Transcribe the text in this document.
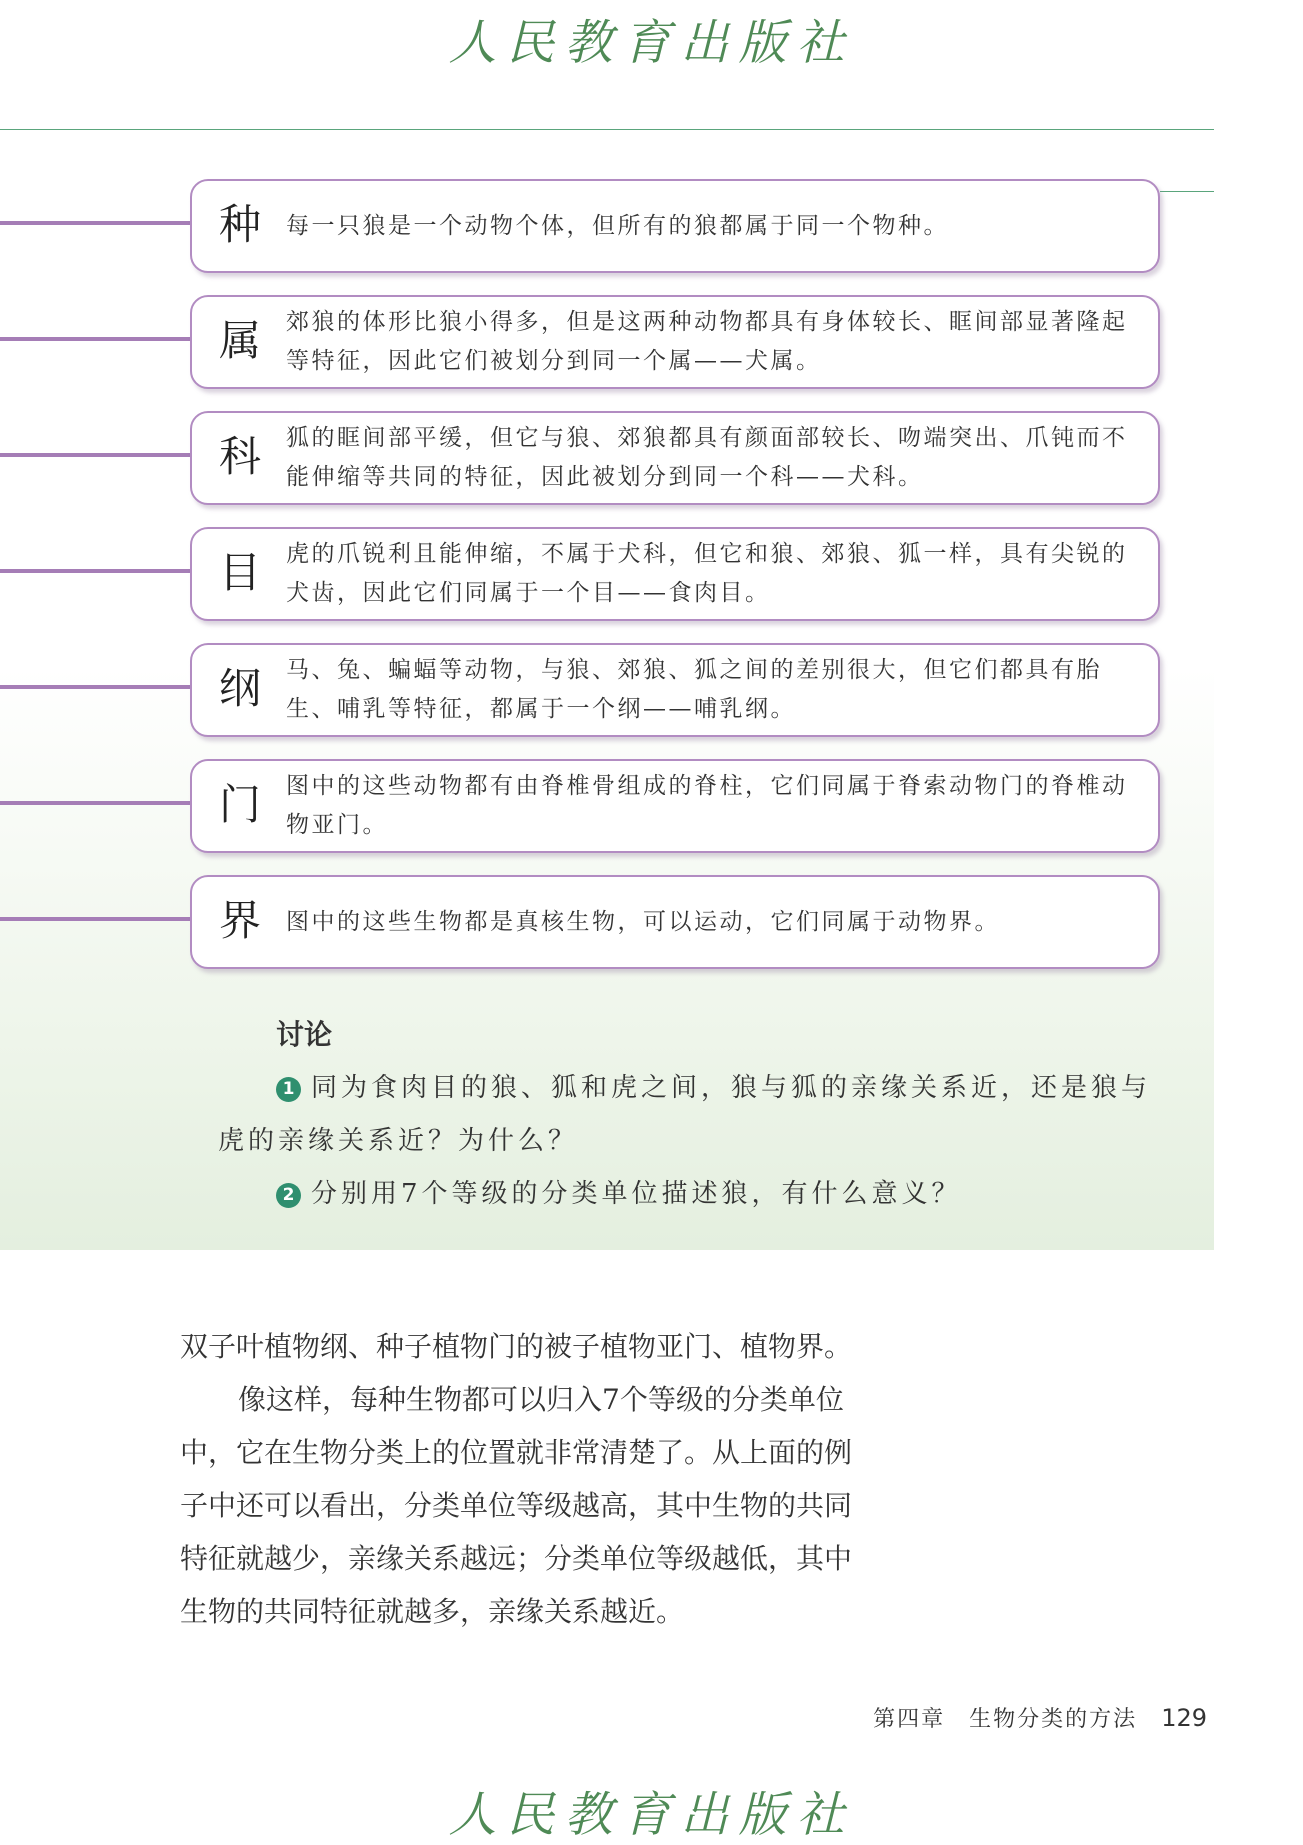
人民教育出版社
种	每一只狼是一个动物个体，但所有的狼都属于同一个物种。
属	郊狼的体形比狼小得多，但是这两种动物都具有身体较长、眶间部显著隆起等特征，因此它们被划分到同一个属——犬属。
科	狐的眶间部平缓，但它与狼、郊狼都具有颜面部较长、吻端突出、爪钝而不能伸缩等共同的特征，因此被划分到同一个科——犬科。
目	虎的爪锐利且能伸缩，不属于犬科，但它和狼、郊狼、狐一样，具有尖锐的犬齿，因此它们同属于一个目——食肉目。
纲	马、兔、蝙蝠等动物，与狼、郊狼、狐之间的差别很大，但它们都具有胎生、哺乳等特征，都属于一个纲——哺乳纲。
门	图中的这些动物都有由脊椎骨组成的脊柱，它们同属于脊索动物门的脊椎动物亚门。
界	图中的这些生物都是真核生物，可以运动，它们同属于动物界。
讨论
1 同为食肉目的狼、狐和虎之间，狼与狐的亲缘关系近，还是狼与虎的亲缘关系近？为什么？
2 分别用7个等级的分类单位描述狼，有什么意义？

双子叶植物纲、种子植物门的被子植物亚门、植物界。

像这样，每种生物都可以归入7个等级的分类单位中，它在生物分类上的位置就非常清楚了。从上面的例子中还可以看出，分类单位等级越高，其中生物的共同特征就越少，亲缘关系越远；分类单位等级越低，其中生物的共同特征就越多，亲缘关系越近。

第四章　生物分类的方法 129
人民教育出版社
